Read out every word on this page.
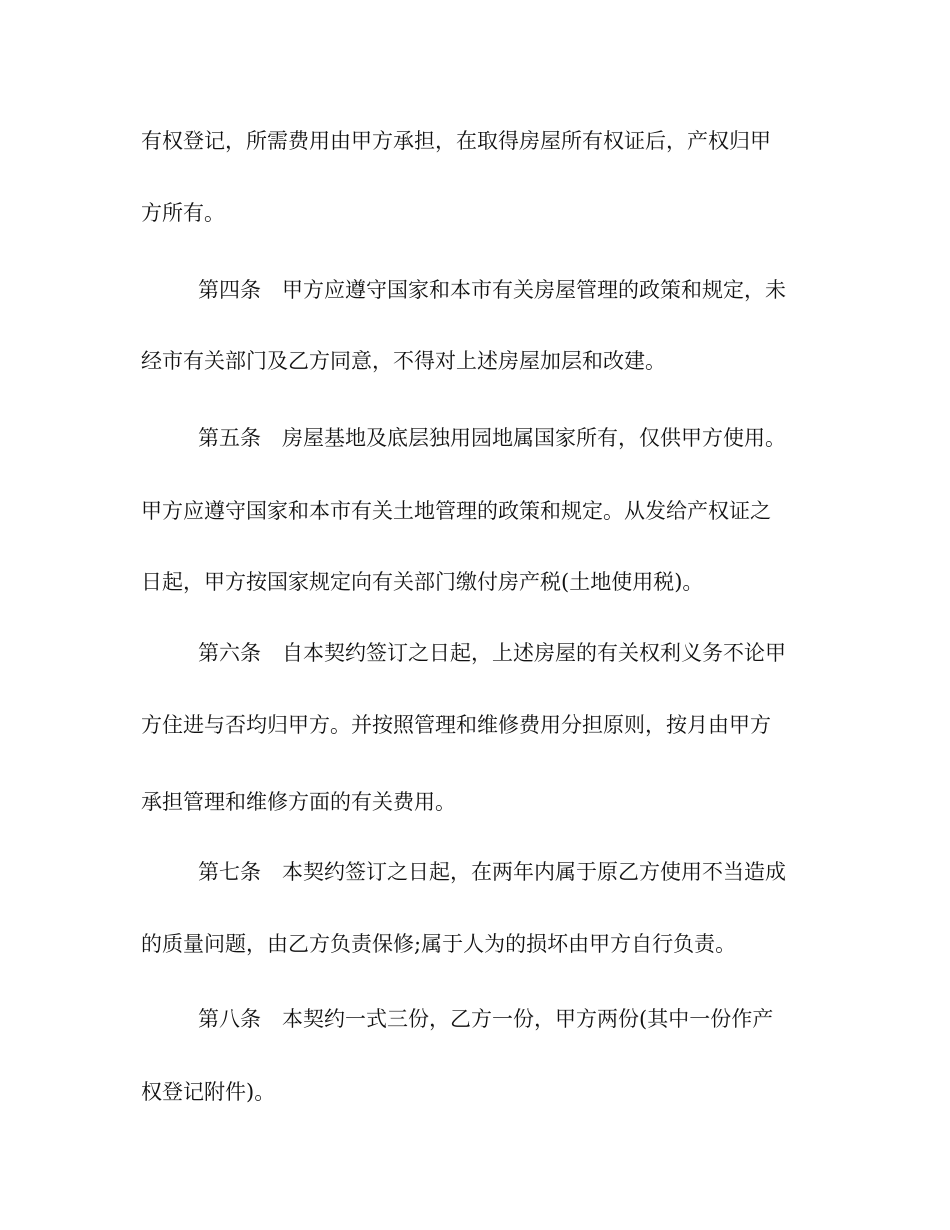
有权登记，所需费用由甲方承担，在取得房屋所有权证后，产权归甲
方所有。
第四条　甲方应遵守国家和本市有关房屋管理的政策和规定，未
经市有关部门及乙方同意，不得对上述房屋加层和改建。
第五条　房屋基地及底层独用园地属国家所有，仅供甲方使用。
甲方应遵守国家和本市有关土地管理的政策和规定。从发给产权证之
日起，甲方按国家规定向有关部门缴付房产税(土地使用税)。
第六条　自本契约签订之日起，上述房屋的有关权利义务不论甲
方住进与否均归甲方。并按照管理和维修费用分担原则，按月由甲方
承担管理和维修方面的有关费用。
第七条　本契约签订之日起，在两年内属于原乙方使用不当造成
的质量问题，由乙方负责保修;属于人为的损坏由甲方自行负责。
第八条　本契约一式三份，乙方一份，甲方两份(其中一份作产
权登记附件)。
